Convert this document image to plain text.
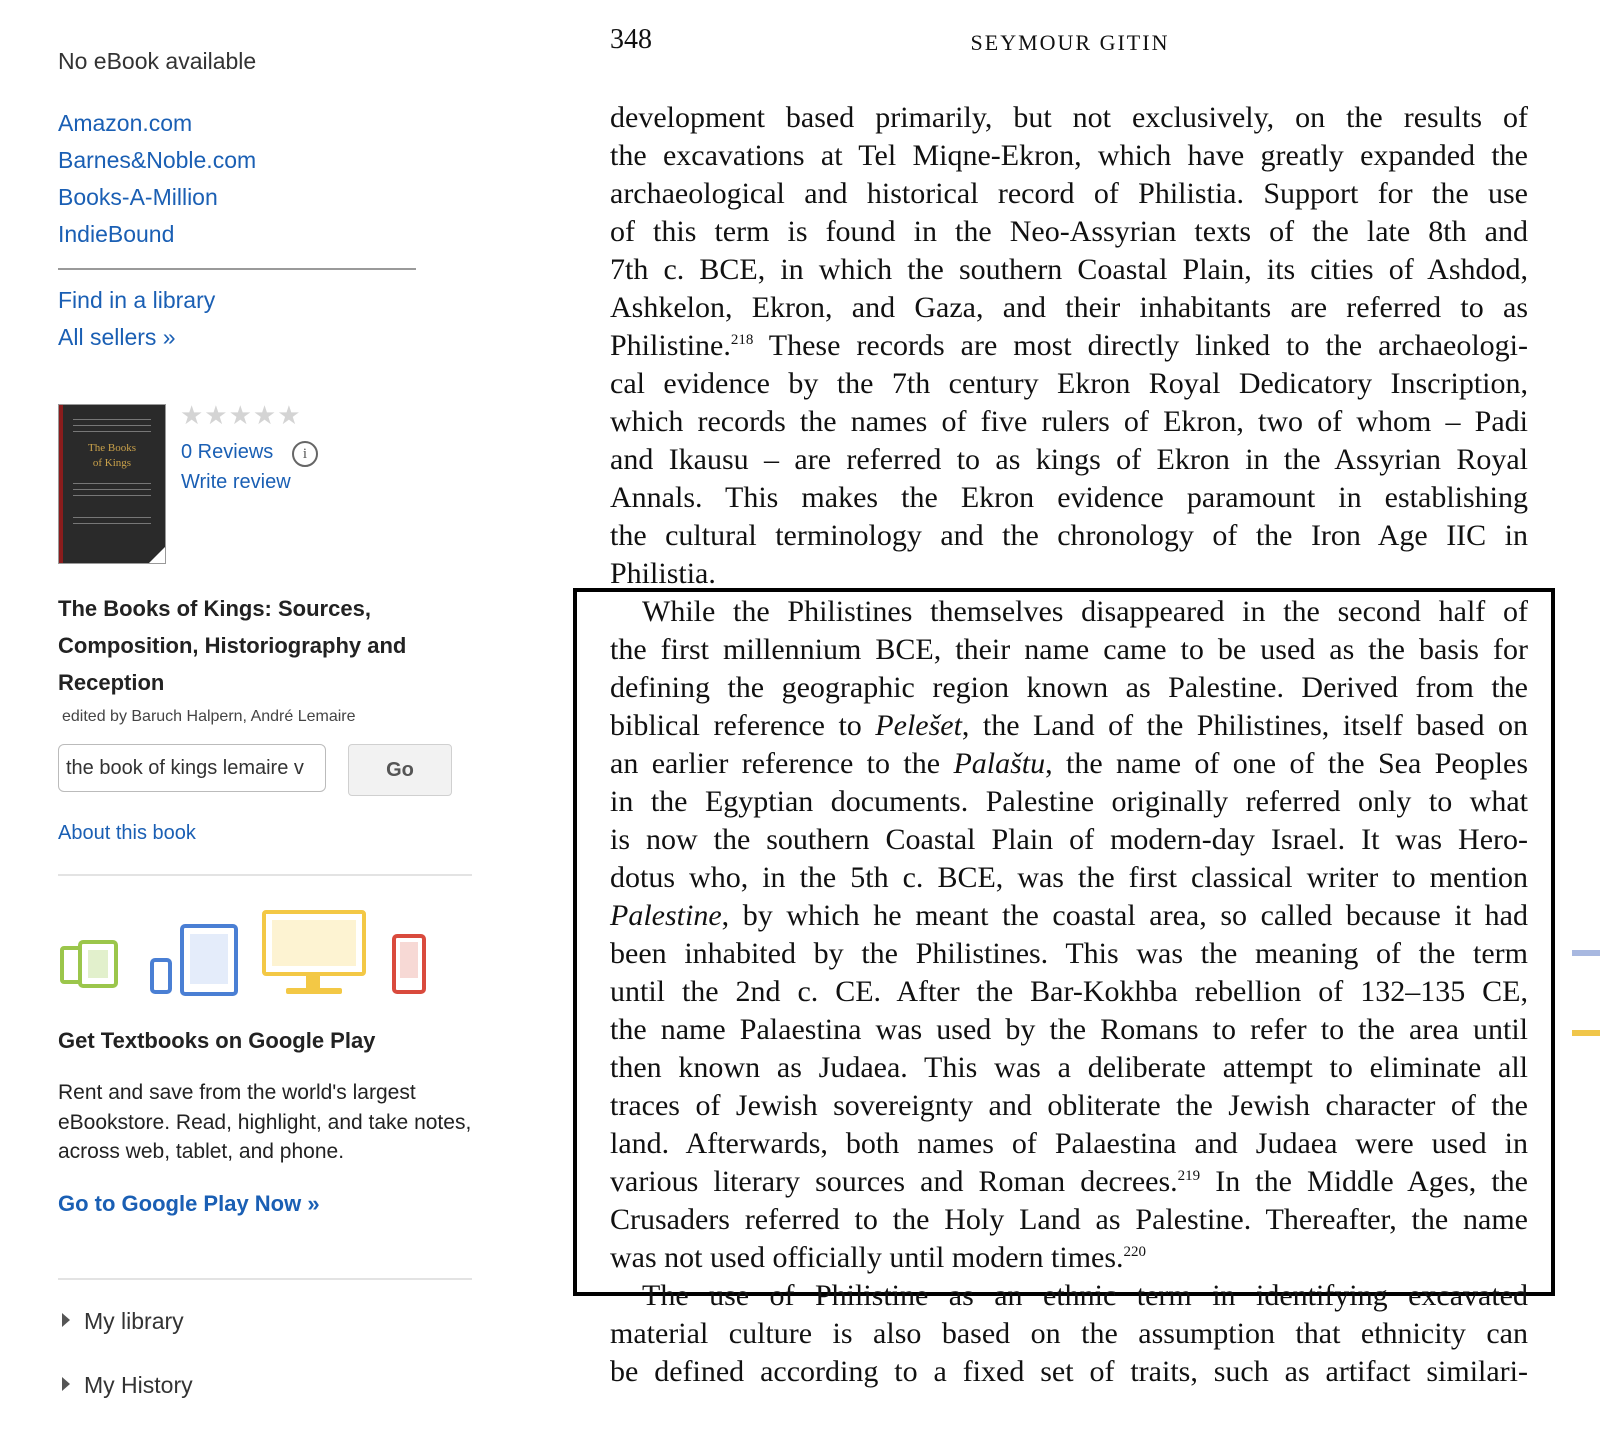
No eBook available
Amazon.com
Barnes&Noble.com
Books-A-Million
IndieBound
Find in a library
All sellers »
The Books
of Kings
★★★★★
0 Reviews	i
Write review
The Books of Kings: Sources, Composition, Historiography and Reception
edited by Baruch Halpern, André Lemaire
the book of kings lemaire v
Go
About this book
Get Textbooks on Google Play
Rent and save from the world's largest eBookstore. Read, highlight, and take notes, across web, tablet, and phone.
Go to Google Play Now »
My library
My History
348	SEYMOUR GITIN
development based primarily, but not exclusively, on the results of
the excavations at Tel Miqne-Ekron, which have greatly expanded the
archaeological and historical record of Philistia. Support for the use
of this term is found in the Neo-Assyrian texts of the late 8th and
7th c. BCE, in which the southern Coastal Plain, its cities of Ashdod,
Ashkelon, Ekron, and Gaza, and their inhabitants are referred to as
Philistine.$^{218}$ These records are most directly linked to the archaeologi-
cal evidence by the 7th century Ekron Royal Dedicatory Inscription,
which records the names of five rulers of Ekron, two of whom – Padi
and Ikausu – are referred to as kings of Ekron in the Assyrian Royal
Annals. This makes the Ekron evidence paramount in establishing
the cultural terminology and the chronology of the Iron Age IIC in
Philistia.
While the Philistines themselves disappeared in the second half of
the first millennium BCE, their name came to be used as the basis for
defining the geographic region known as Palestine. Derived from the
biblical reference to Pelešet, the Land of the Philistines, itself based on
an earlier reference to the Palaštu, the name of one of the Sea Peoples
in the Egyptian documents. Palestine originally referred only to what
is now the southern Coastal Plain of modern-day Israel. It was Hero-
dotus who, in the 5th c. BCE, was the first classical writer to mention
Palestine, by which he meant the coastal area, so called because it had
been inhabited by the Philistines. This was the meaning of the term
until the 2nd c. CE. After the Bar-Kokhba rebellion of 132–135 CE,
the name Palaestina was used by the Romans to refer to the area until
then known as Judaea. This was a deliberate attempt to eliminate all
traces of Jewish sovereignty and obliterate the Jewish character of the
land. Afterwards, both names of Palaestina and Judaea were used in
various literary sources and Roman decrees.$^{219}$ In the Middle Ages, the
Crusaders referred to the Holy Land as Palestine. Thereafter, the name
was not used officially until modern times.$^{220}$
The use of Philistine as an ethnic term in identifying excavated
material culture is also based on the assumption that ethnicity can
be defined according to a fixed set of traits, such as artifact similari-
